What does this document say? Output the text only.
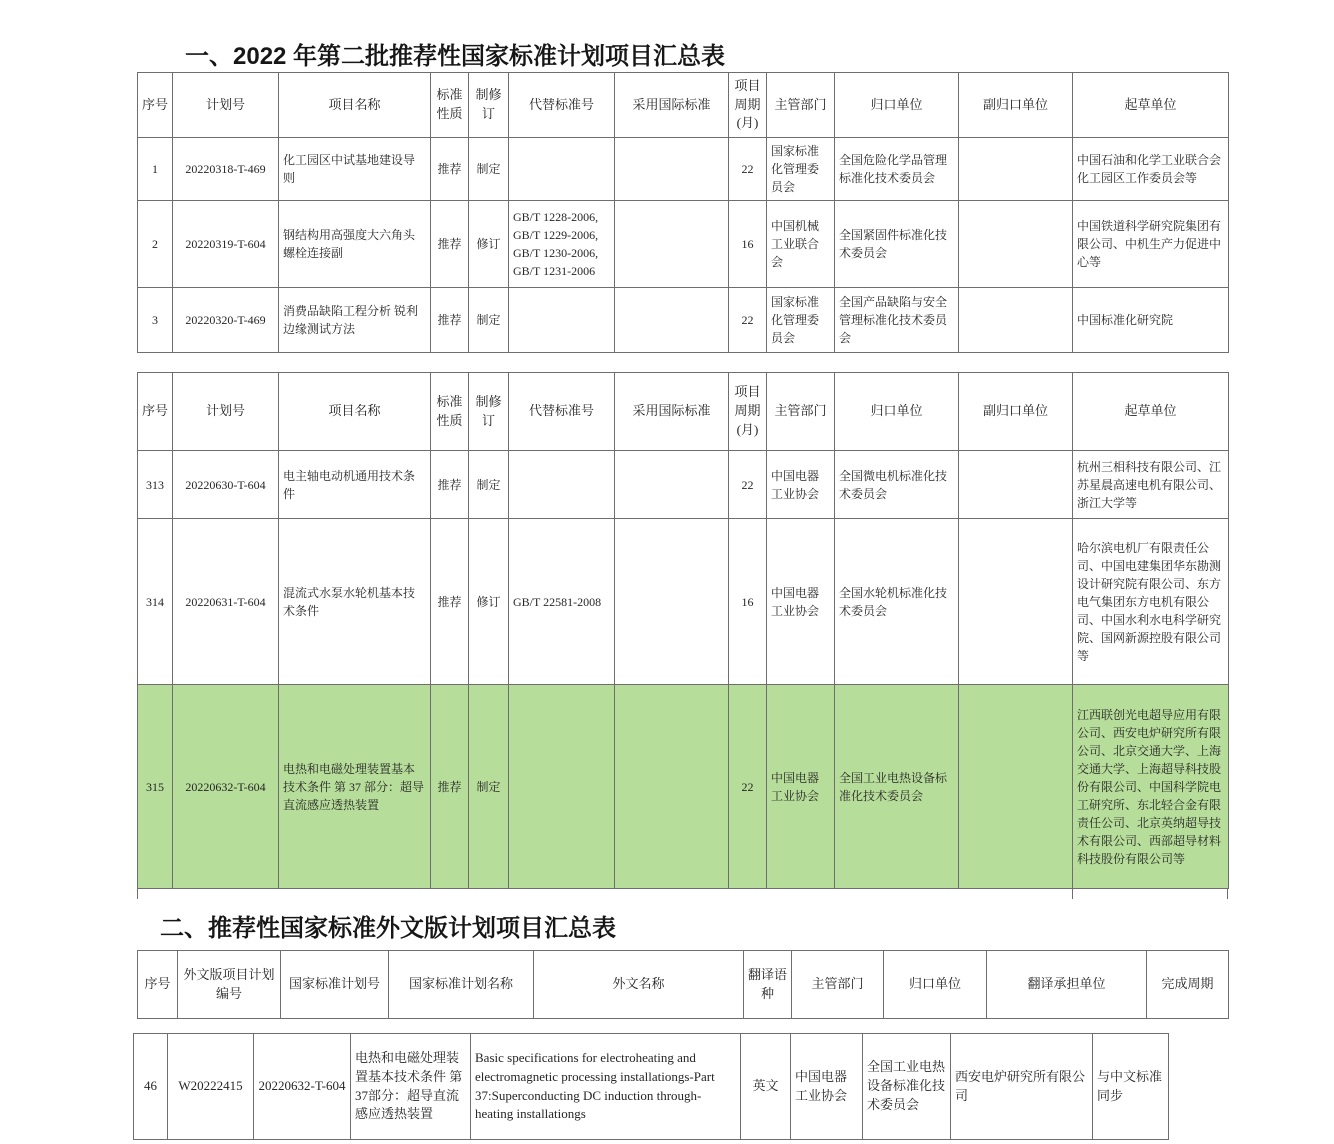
一、2022 年第二批推荐性国家标准计划项目汇总表
序号	计划号	项目名称	标准性质	制修订	代替标准号	采用国际标准	项目周期(月)	主管部门	归口单位	副归口单位	起草单位
1	20220318-T-469	化工园区中试基地建设导则	推荐	制定			22	国家标准化管理委员会	全国危险化学品管理标准化技术委员会		中国石油和化学工业联合会化工园区工作委员会等
2	20220319-T-604	钢结构用高强度大六角头螺栓连接副	推荐	修订	GB/T 1228-2006,
GB/T 1229-2006,
GB/T 1230-2006,
GB/T 1231-2006		16	中国机械工业联合会	全国紧固件标准化技术委员会		中国铁道科学研究院集团有限公司、中机生产力促进中心等
3	20220320-T-469	消费品缺陷工程分析 锐利边缘测试方法	推荐	制定			22	国家标准化管理委员会	全国产品缺陷与安全管理标准化技术委员会		中国标准化研究院
序号	计划号	项目名称	标准性质	制修订	代替标准号	采用国际标准	项目周期(月)	主管部门	归口单位	副归口单位	起草单位
313	20220630-T-604	电主轴电动机通用技术条件	推荐	制定			22	中国电器工业协会	全国微电机标准化技术委员会		杭州三相科技有限公司、江苏星晨高速电机有限公司、浙江大学等
314	20220631-T-604	混流式水泵水轮机基本技术条件	推荐	修订	GB/T 22581-2008		16	中国电器工业协会	全国水轮机标准化技术委员会		哈尔滨电机厂有限责任公司、中国电建集团华东勘测设计研究院有限公司、东方电气集团东方电机有限公司、中国水利水电科学研究院、国网新源控股有限公司等
315	20220632-T-604	电热和电磁处理装置基本技术条件 第 37 部分：超导直流感应透热装置	推荐	制定			22	中国电器工业协会	全国工业电热设备标准化技术委员会		江西联创光电超导应用有限公司、西安电炉研究所有限公司、北京交通大学、上海交通大学、上海超导科技股份有限公司、中国科学院电工研究所、东北轻合金有限责任公司、北京英纳超导技术有限公司、西部超导材料科技股份有限公司等
二、推荐性国家标准外文版计划项目汇总表
序号	外文版项目计划编号	国家标准计划号	国家标准计划名称	外文名称	翻译语种	主管部门	归口单位	翻译承担单位	完成周期
46	W20222415	20220632-T-604	电热和电磁处理装置基本技术条件 第37部分：超导直流感应透热装置	Basic specifications for electroheating and electromagnetic processing installationgs-Part 37:Superconducting DC induction through-heating installationgs	英文	中国电器工业协会	全国工业电热设备标准化技术委员会	西安电炉研究所有限公司	与中文标准同步
